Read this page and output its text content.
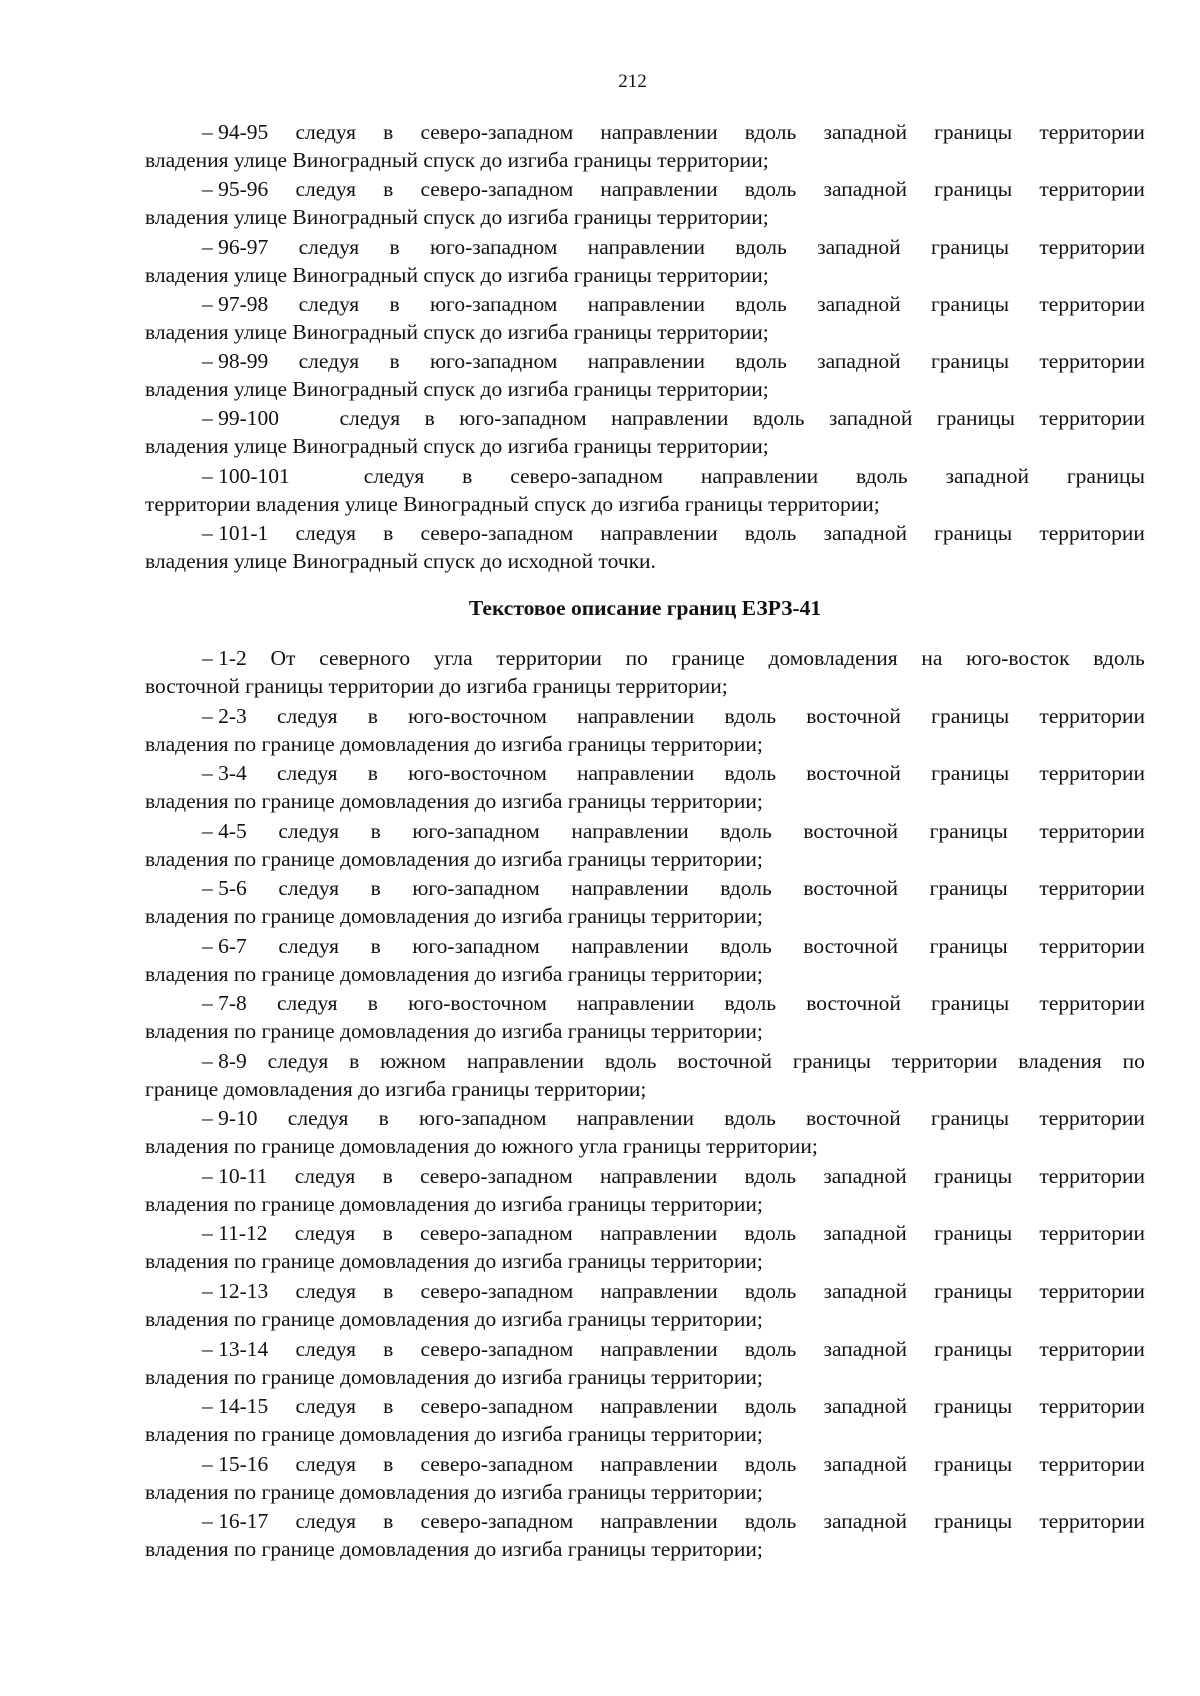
212
– 94-95 следуя в северо-западном направлении вдоль западной границы территории
владения улице Виноградный спуск до изгиба границы территории;
– 95-96 следуя в северо-западном направлении вдоль западной границы территории
владения улице Виноградный спуск до изгиба границы территории;
– 96-97 следуя в юго-западном направлении вдоль западной границы территории
владения улице Виноградный спуск до изгиба границы территории;
– 97-98 следуя в юго-западном направлении вдоль западной границы территории
владения улице Виноградный спуск до изгиба границы территории;
– 98-99 следуя в юго-западном направлении вдоль западной границы территории
владения улице Виноградный спуск до изгиба границы территории;
– 99-100	следуя в юго-западном направлении вдоль западной границы территории
владения улице Виноградный спуск до изгиба границы территории;
– 100-101	следуя в северо-западном направлении вдоль западной границы
территории владения улице Виноградный спуск до изгиба границы территории;
– 101-1 следуя в северо-западном направлении вдоль западной границы территории
владения улице Виноградный спуск до исходной точки.
Текстовое описание границ ЕЗРЗ-41
– 1-2 От северного угла территории по границе домовладения на юго-восток вдоль
восточной границы территории до изгиба границы территории;
– 2-3 следуя в юго-восточном направлении вдоль восточной границы территории
владения по границе домовладения до изгиба границы территории;
– 3-4 следуя в юго-восточном направлении вдоль восточной границы территории
владения по границе домовладения до изгиба границы территории;
– 4-5 следуя в юго-западном направлении вдоль восточной границы территории
владения по границе домовладения до изгиба границы территории;
– 5-6 следуя в юго-западном направлении вдоль восточной границы территории
владения по границе домовладения до изгиба границы территории;
– 6-7 следуя в юго-западном направлении вдоль восточной границы территории
владения по границе домовладения до изгиба границы территории;
– 7-8 следуя в юго-восточном направлении вдоль восточной границы территории
владения по границе домовладения до изгиба границы территории;
– 8-9 следуя в южном направлении вдоль восточной границы территории владения по
границе домовладения до изгиба границы территории;
– 9-10 следуя в юго-западном направлении вдоль восточной границы территории
владения по границе домовладения до южного угла границы территории;
– 10-11 следуя в северо-западном направлении вдоль западной границы территории
владения по границе домовладения до изгиба границы территории;
– 11-12 следуя в северо-западном направлении вдоль западной границы территории
владения по границе домовладения до изгиба границы территории;
– 12-13 следуя в северо-западном направлении вдоль западной границы территории
владения по границе домовладения до изгиба границы территории;
– 13-14 следуя в северо-западном направлении вдоль западной границы территории
владения по границе домовладения до изгиба границы территории;
– 14-15 следуя в северо-западном направлении вдоль западной границы территории
владения по границе домовладения до изгиба границы территории;
– 15-16 следуя в северо-западном направлении вдоль западной границы территории
владения по границе домовладения до изгиба границы территории;
– 16-17 следуя в северо-западном направлении вдоль западной границы территории
владения по границе домовладения до изгиба границы территории;
